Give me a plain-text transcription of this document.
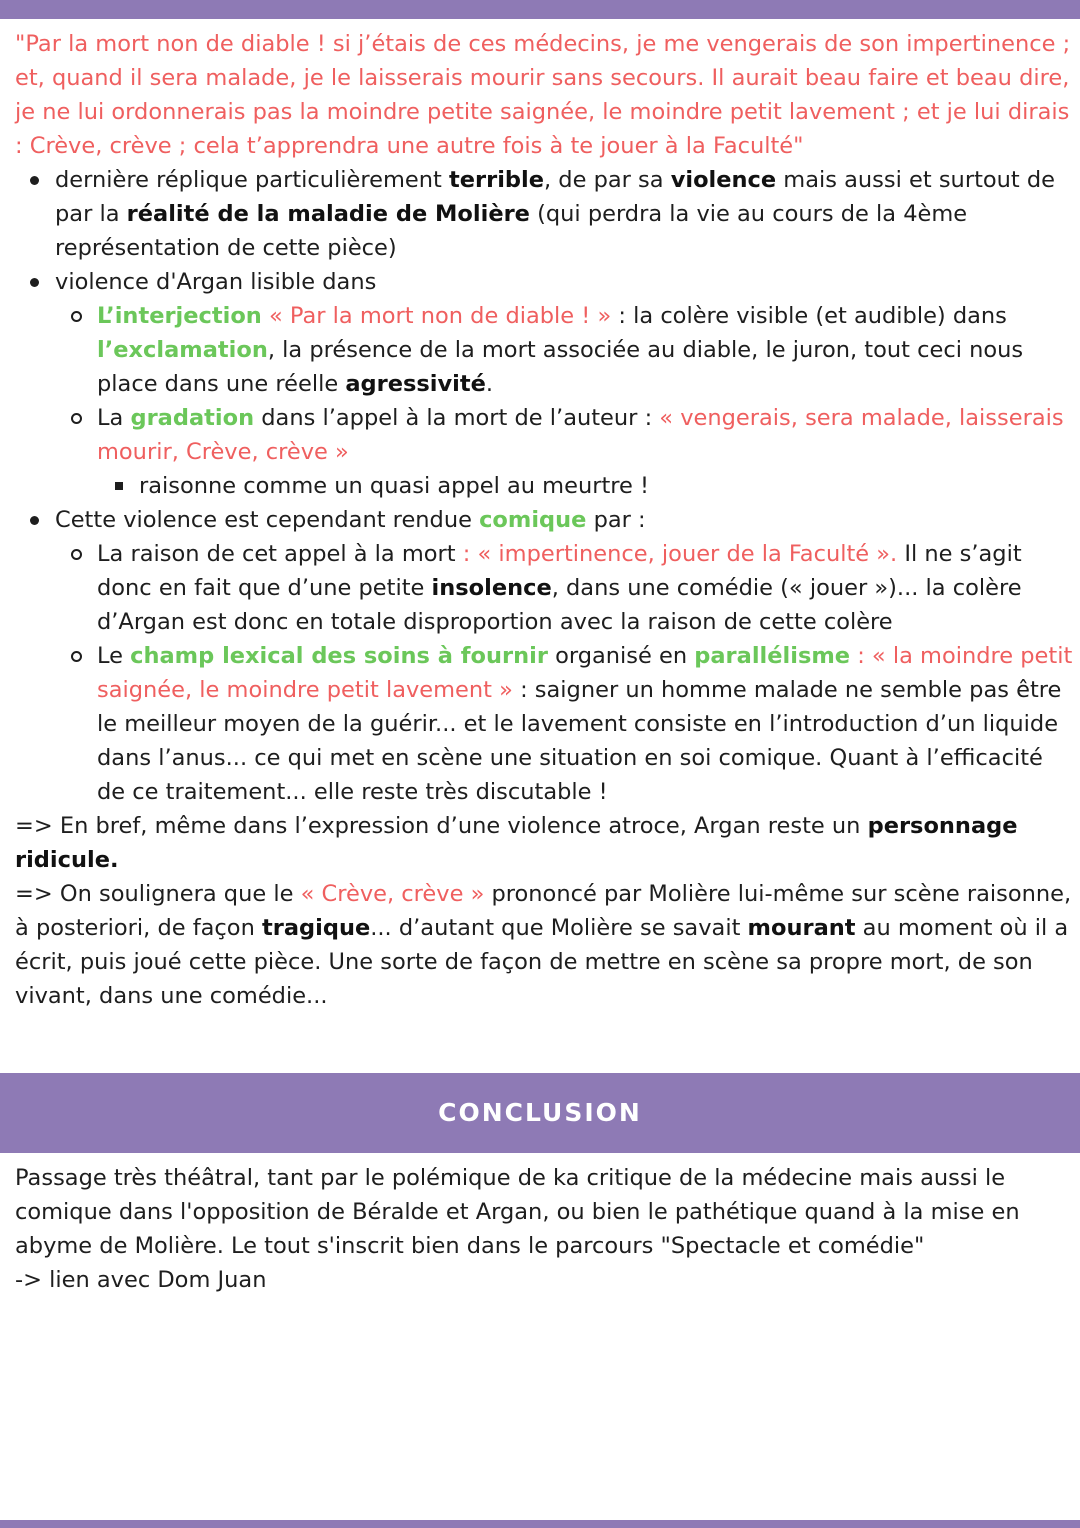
"Par la mort non de diable ! si j’étais de ces médecins, je me vengerais de son impertinence ; et, quand il sera malade, je le laisserais mourir sans secours. Il aurait beau faire et beau dire, je ne lui ordonnerais pas la moindre petite saignée, le moindre petit lavement ; et je lui dirais : Crève, crève ; cela t’apprendra une autre fois à te jouer à la Faculté"

dernière réplique particulièrement terrible, de par sa violence mais aussi et surtout de par la réalité de la maladie de Molière (qui perdra la vie au cours de la 4ème représentation de cette pièce)
violence d'Argan lisible dans
L’interjection « Par la mort non de diable ! » : la colère visible (et audible) dans l’exclamation, la présence de la mort associée au diable, le juron, tout ceci nous place dans une réelle agressivité.
La gradation dans l’appel à la mort de l’auteur : « vengerais, sera malade, laisserais mourir, Crève, crève »
raisonne comme un quasi appel au meurtre !
Cette violence est cependant rendue comique par :
La raison de cet appel à la mort : « impertinence, jouer de la Faculté ». Il ne s’agit donc en fait que d’une petite insolence, dans une comédie (« jouer »)... la colère d’Argan est donc en totale disproportion avec la raison de cette colère
Le champ lexical des soins à fournir organisé en parallélisme : « la moindre petit saignée, le moindre petit lavement » : saigner un homme malade ne semble pas être le meilleur moyen de la guérir... et le lavement consiste en l’introduction d’un liquide dans l’anus... ce qui met en scène une situation en soi comique. Quant à l’efficacité de ce traitement... elle reste très discutable !

=> En bref, même dans l’expression d’une violence atroce, Argan reste un personnage ridicule.

=> On soulignera que le « Crève, crève » prononcé par Molière lui-même sur scène raisonne, à posteriori, de façon tragique... d’autant que Molière se savait mourant au moment où il a écrit, puis joué cette pièce. Une sorte de façon de mettre en scène sa propre mort, de son vivant, dans une comédie...

CONCLUSION

Passage très théâtral, tant par le polémique de ka critique de la médecine mais aussi le comique dans l'opposition de Béralde et Argan, ou bien le pathétique quand à la mise en abyme de Molière. Le tout s'inscrit bien dans le parcours "Spectacle et comédie"

-> lien avec Dom Juan
